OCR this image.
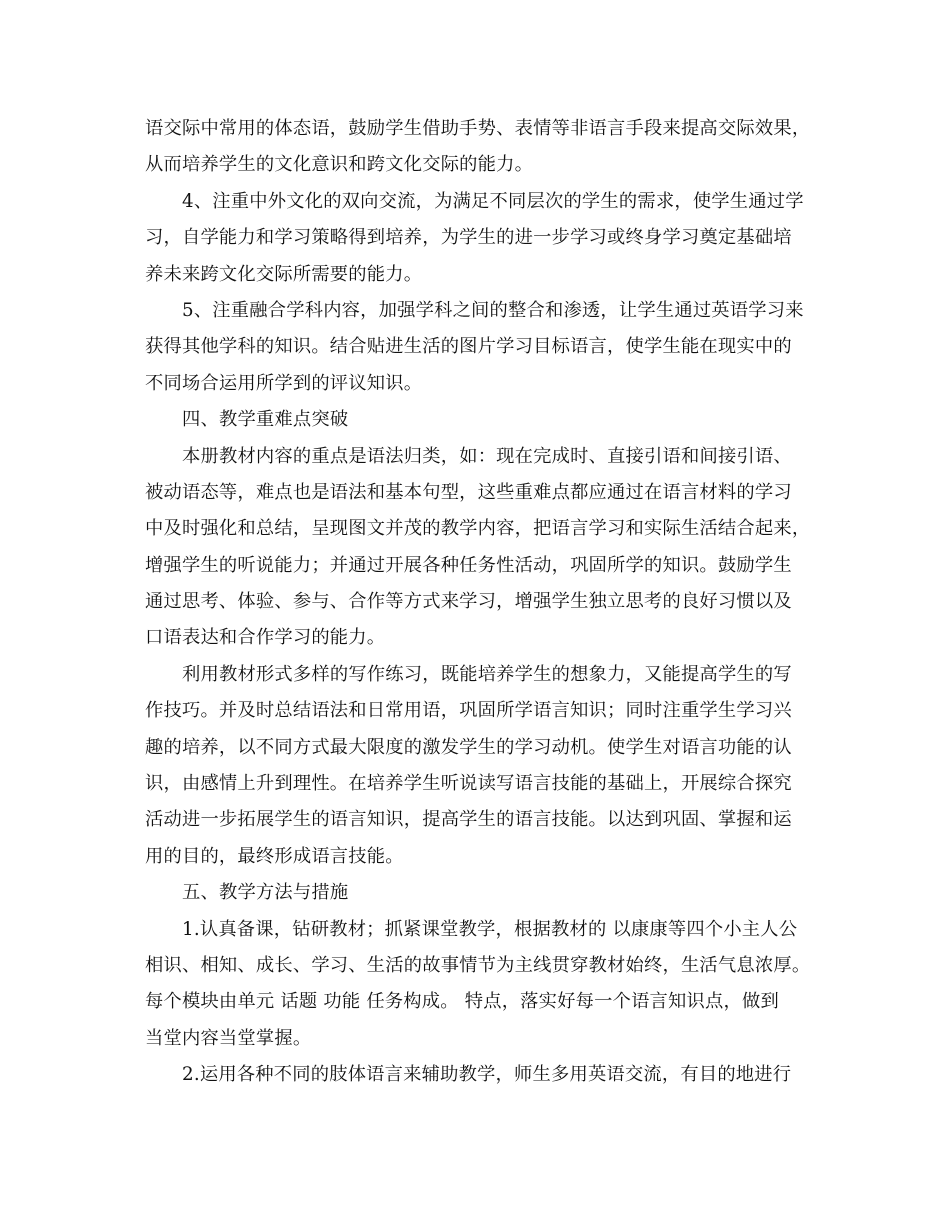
语交际中常用的体态语，鼓励学生借助手势、表情等非语言手段来提高交际效果，
从而培养学生的文化意识和跨文化交际的能力。
4、注重中外文化的双向交流，为满足不同层次的学生的需求，使学生通过学
习，自学能力和学习策略得到培养，为学生的进一步学习或终身学习奠定基础培
养未来跨文化交际所需要的能力。
5、注重融合学科内容，加强学科之间的整合和渗透，让学生通过英语学习来
获得其他学科的知识。结合贴进生活的图片学习目标语言，使学生能在现实中的
不同场合运用所学到的评议知识。
四、教学重难点突破
本册教材内容的重点是语法归类，如：现在完成时、直接引语和间接引语、
被动语态等，难点也是语法和基本句型，这些重难点都应通过在语言材料的学习
中及时强化和总结，呈现图文并茂的教学内容，把语言学习和实际生活结合起来，
增强学生的听说能力；并通过开展各种任务性活动，巩固所学的知识。鼓励学生
通过思考、体验、参与、合作等方式来学习，增强学生独立思考的良好习惯以及
口语表达和合作学习的能力。
利用教材形式多样的写作练习，既能培养学生的想象力，又能提高学生的写
作技巧。并及时总结语法和日常用语，巩固所学语言知识；同时注重学生学习兴
趣的培养，以不同方式最大限度的激发学生的学习动机。使学生对语言功能的认
识，由感情上升到理性。在培养学生听说读写语言技能的基础上，开展综合探究
活动进一步拓展学生的语言知识，提高学生的语言技能。以达到巩固、掌握和运
用的目的，最终形成语言技能。
五、教学方法与措施
1.认真备课，钻研教材；抓紧课堂教学，根据教材的 以康康等四个小主人公
相识、相知、成长、学习、生活的故事情节为主线贯穿教材始终，生活气息浓厚。
每个模块由单元 话题 功能 任务构成。 特点，落实好每一个语言知识点，做到
当堂内容当堂掌握。
2.运用各种不同的肢体语言来辅助教学，师生多用英语交流，有目的地进行
